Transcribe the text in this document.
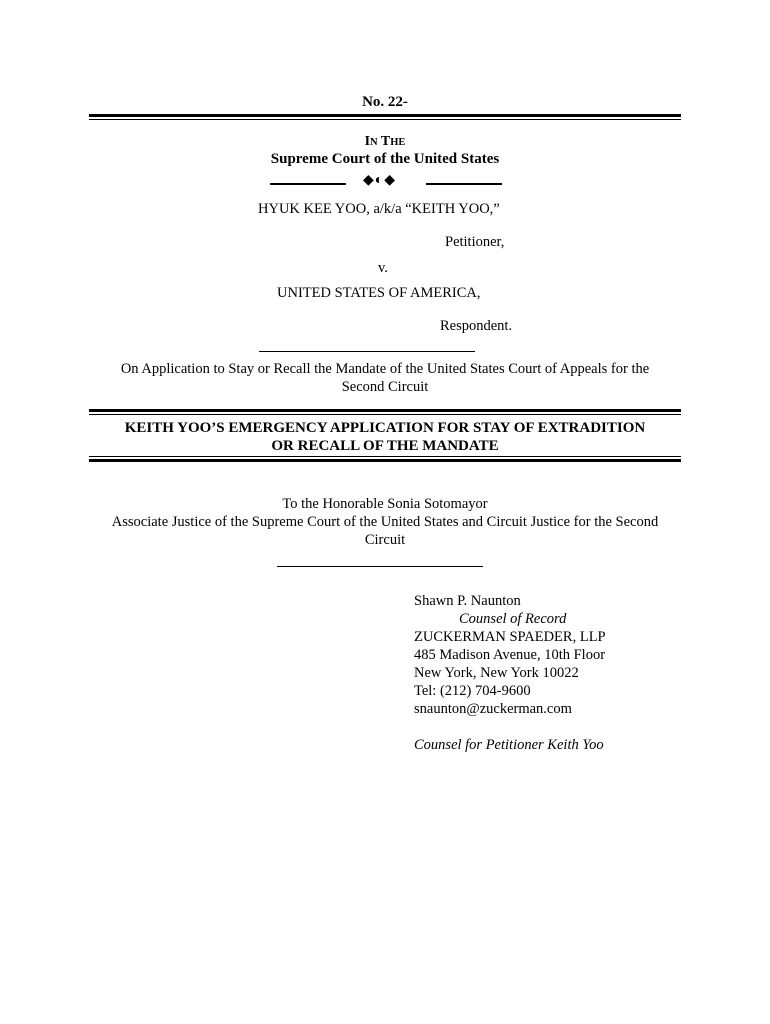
No. 22-
IN THE
Supreme Court of the United States
◆◐◆
HYUK KEE YOO, a/k/a “KEITH YOO,”
Petitioner,
v.
UNITED STATES OF AMERICA,
Respondent.
On Application to Stay or Recall the Mandate of the United States Court of Appeals for the
Second Circuit
KEITH YOO’S EMERGENCY APPLICATION FOR STAY OF EXTRADITION
OR RECALL OF THE MANDATE
To the Honorable Sonia Sotomayor
Associate Justice of the Supreme Court of the United States and Circuit Justice for the Second
Circuit
Shawn P. Naunton
Counsel of Record
ZUCKERMAN SPAEDER, LLP
485 Madison Avenue, 10th Floor
New York, New York 10022
Tel: (212) 704-9600
snaunton@zuckerman.com
Counsel for Petitioner Keith Yoo
